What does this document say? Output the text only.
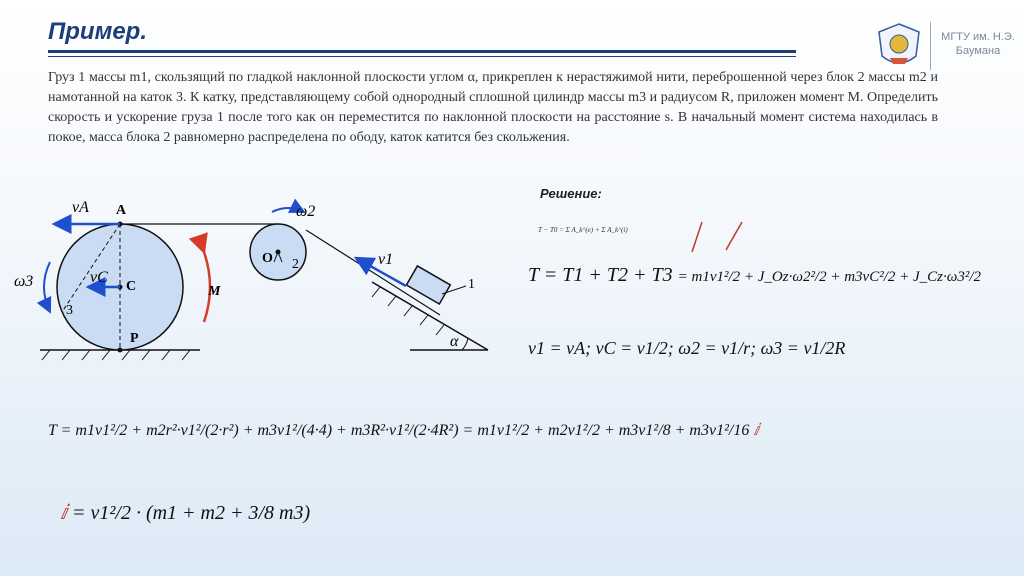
Пример.	МГТУ им. Н.Э. Баумана
Груз 1 массы m1, скользящий по гладкой наклонной плоскости углом α, прикреплен к нерастяжимой нити, переброшенной через блок 2 массы m2 и намотанной на каток 3. К катку, представляющему собой однородный сплошной цилиндр массы m3 и радиусом R, приложен момент M. Определить скорость и ускорение груза 1 после того как он переместится по наклонной плоскости на расстояние s. В начальный момент система находилась в покое, масса блока 2 равномерно распределена по ободу, каток катится без скольжения.
vA A
ω3	vC
C
3
P
M
ω2
O 2	v1
1
α
Решение:
T − T0 = Σ A_k^(e) + Σ A_k^(i)
T = T1 + T2 + T3 = m1v1²/2 + J_Oz·ω2²/2 + m3vC²/2 + J_Cz·ω3²/2
v1 = vA; vC = v1/2; ω2 = v1/r; ω3 = v1/2R
T = m1v1²/2 + m2r²·v1²/(2·r²) + m3v1²/(4·4) + m3R²·v1²/(2·4R²) = m1v1²/2 + m2v1²/2 + m3v1²/8 + m3v1²/16 ⅈ
ⅈ = v1²/2 · (m1 + m2 + 3/8 m3)
